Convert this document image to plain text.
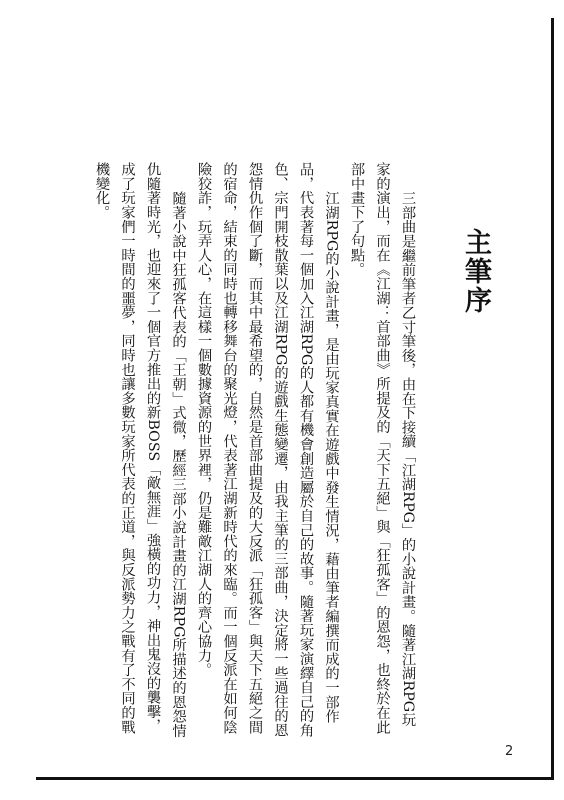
主筆序

三部曲是繼前筆者乙寸筆後，由在下接續「江湖RPG」的小說計畫。隨著江湖RPG玩家的演出，而在《江湖：首部曲》所提及的「天下五絕」與「狂孤客」的恩怨，也終於在此部中畫下了句點。

江湖RPG的小說計畫，是由玩家真實在遊戲中發生情況，藉由筆者編撰而成的一部作品，代表著每一個加入江湖RPG的人都有機會創造屬於自己的故事。隨著玩家演繹自己的角色、宗門開枝散葉以及江湖RPG的遊戲生態變遷，由我主筆的三部曲，決定將一些過往的恩怨情仇作個了斷，而其中最希望的，自然是首部曲提及的大反派「狂孤客」與天下五絕之間的宿命，結束的同時也轉移舞台的聚光燈，代表著江湖新時代的來臨。而一個反派在如何陰險狡詐，玩弄人心，在這樣一個數據資源的世界裡，仍是難敵江湖人的齊心協力。

隨著小說中狂孤客代表的「王朝」式微，歷經三部小說計畫的江湖RPG所描述的恩怨情仇隨著時光，也迎來了一個官方推出的新BOSS「敵無涯」強橫的功力，神出鬼沒的襲擊，成了玩家們一時間的噩夢，同時也讓多數玩家所代表的正道，與反派勢力之戰有了不同的戰機變化。

2
